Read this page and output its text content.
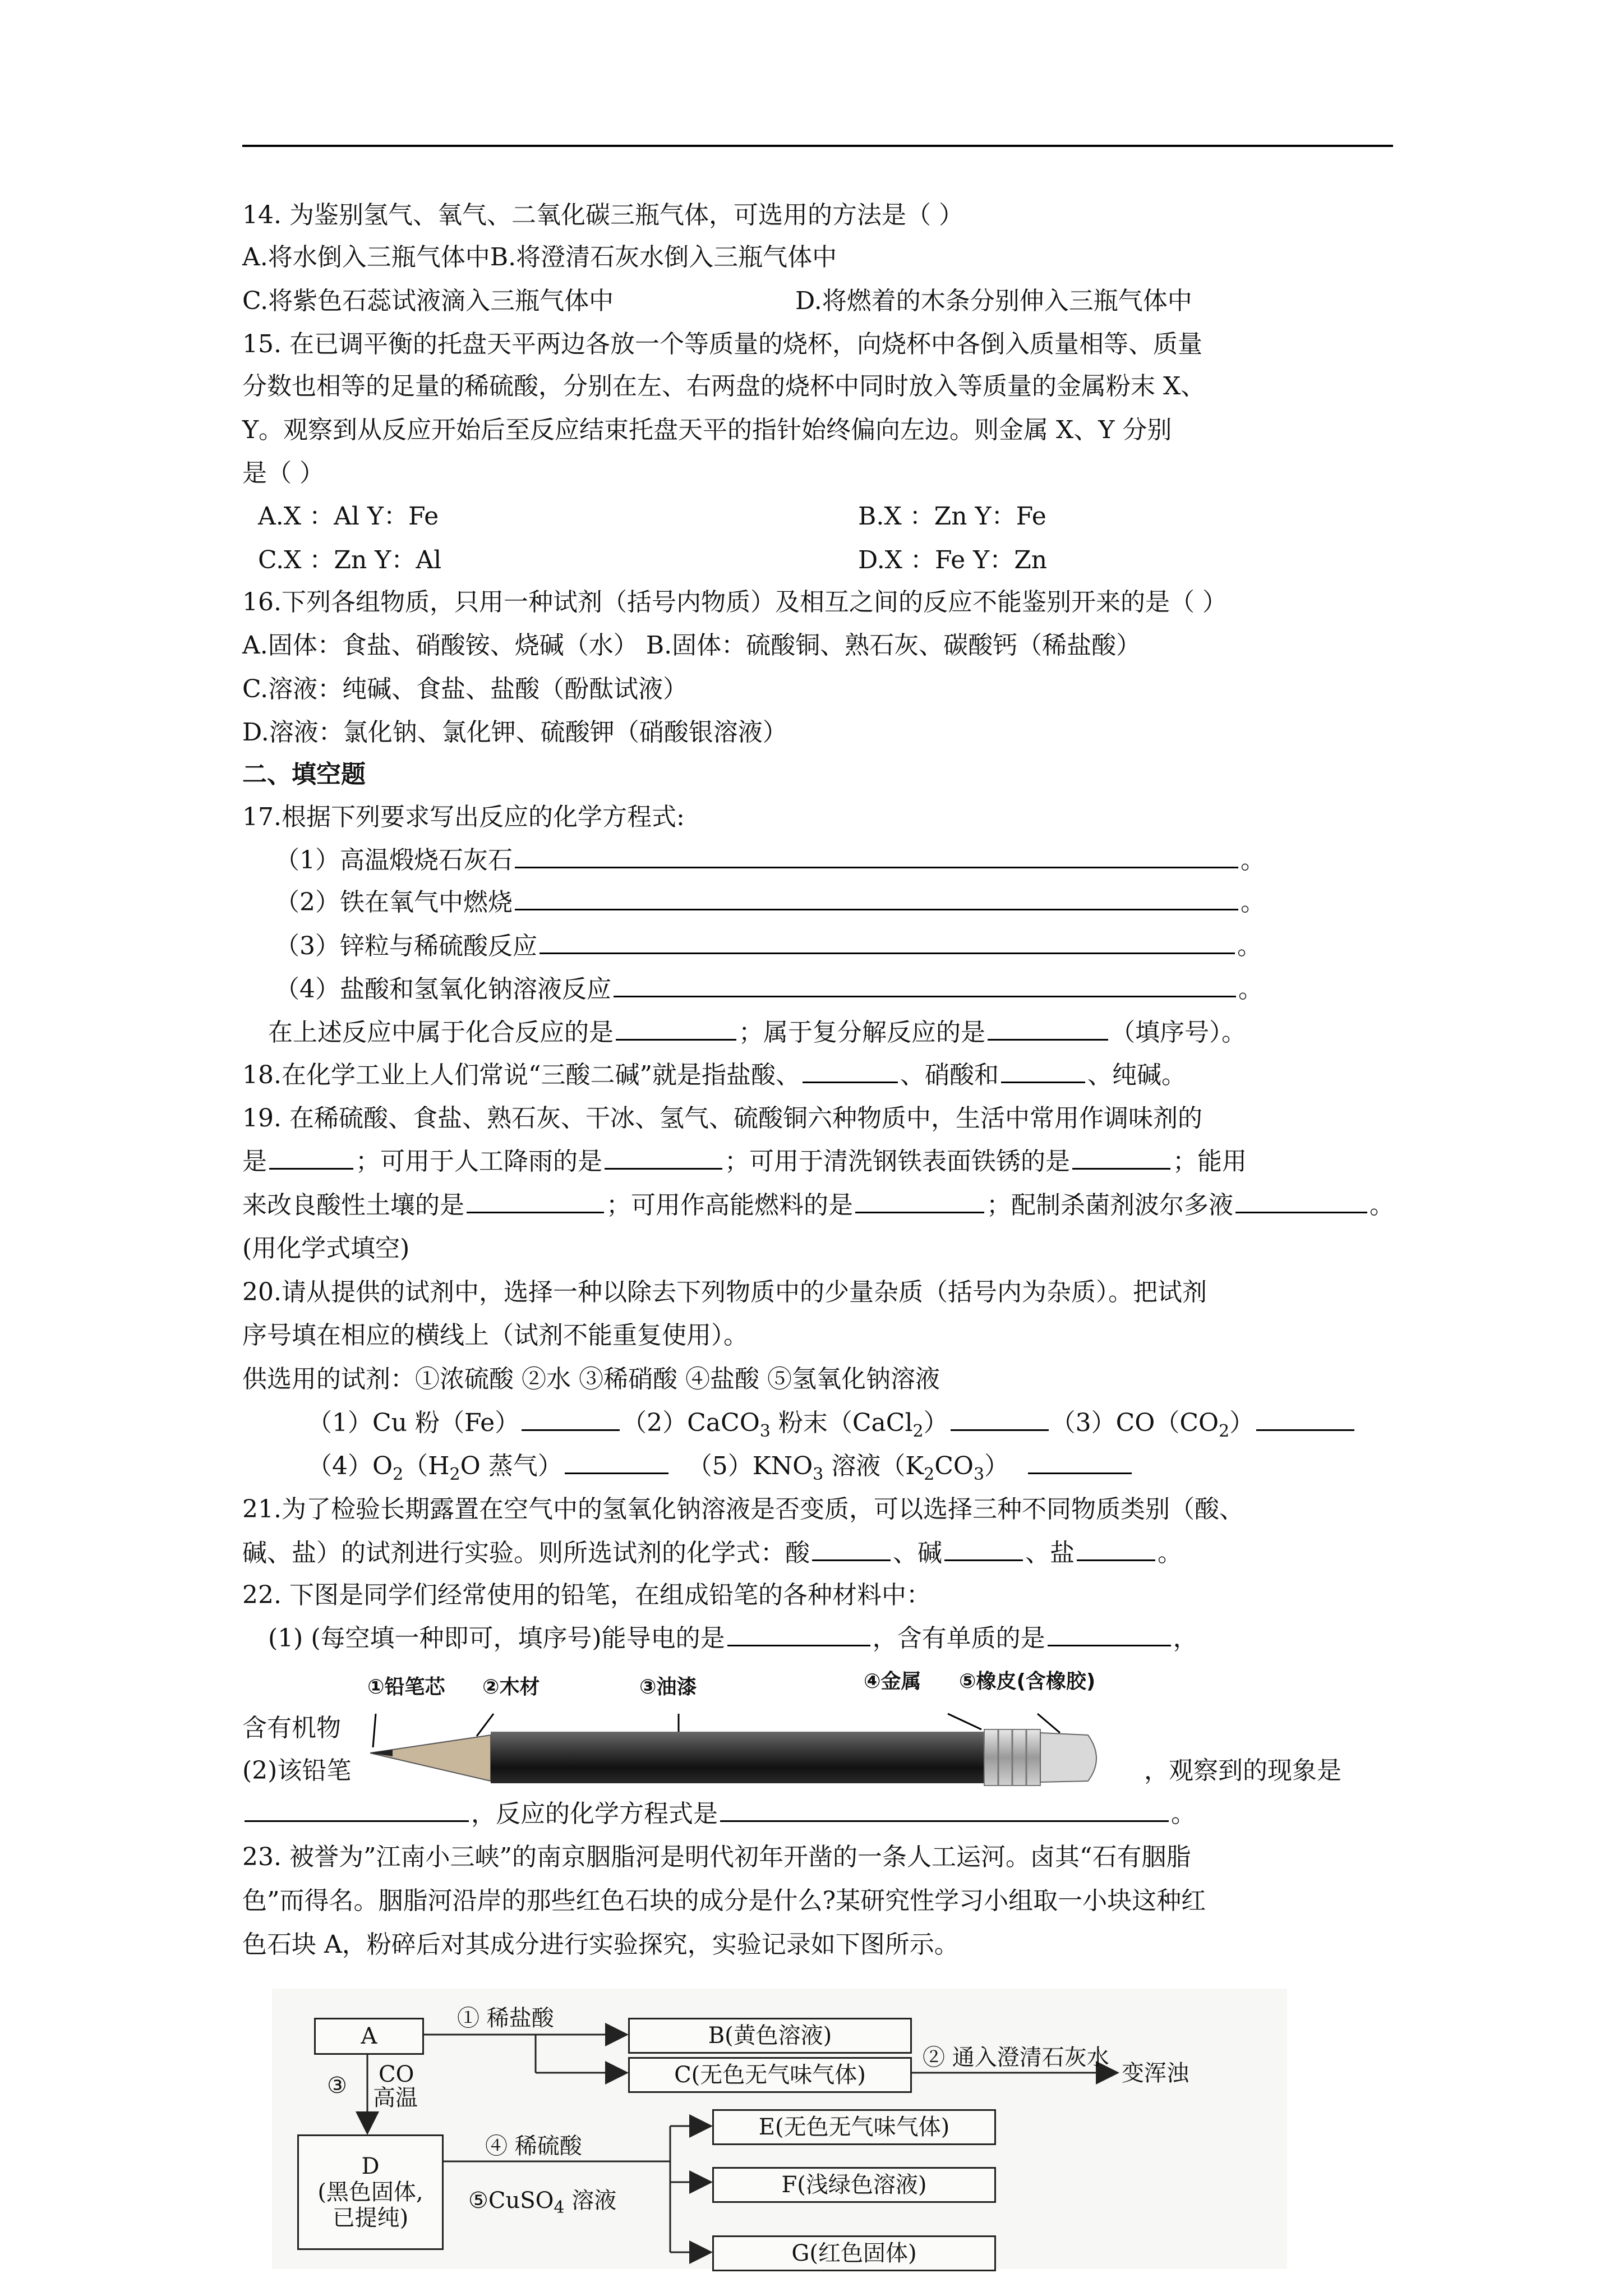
14. 为鉴别氢气、氧气、二氧化碳三瓶气体，可选用的方法是（ ）
A.将水倒入三瓶气体中B.将澄清石灰水倒入三瓶气体中
C.将紫色石蕊试液滴入三瓶气体中	D.将燃着的木条分别伸入三瓶气体中
15. 在已调平衡的托盘天平两边各放一个等质量的烧杯，向烧杯中各倒入质量相等、质量
分数也相等的足量的稀硫酸，分别在左、右两盘的烧杯中同时放入等质量的金属粉末 X、
Y。观察到从反应开始后至反应结束托盘天平的指针始终偏向左边。则金属 X、Y 分别
是（ ）
A.X ：Al Y：Fe	B.X ：Zn Y：Fe
C.X ：Zn Y：Al	D.X ：Fe Y：Zn
16.下列各组物质，只用一种试剂（括号内物质）及相互之间的反应不能鉴别开来的是（ ）
A.固体：食盐、硝酸铵、烧碱（水） B.固体：硫酸铜、熟石灰、碳酸钙（稀盐酸）
C.溶液：纯碱、食盐、盐酸（酚酞试液）
D.溶液：氯化钠、氯化钾、硫酸钾（硝酸银溶液）
二、填空题
17.根据下列要求写出反应的化学方程式:
（1）高温煅烧石灰石	。
（2）铁在氧气中燃烧	。
（3）锌粒与稀硫酸反应	。
（4）盐酸和氢氧化钠溶液反应	。
在上述反应中属于化合反应的是	；属于复分解反应的是	（填序号）。
18.在化学工业上人们常说“三酸二碱”就是指盐酸、	、硝酸和	、纯碱。
19. 在稀硫酸、食盐、熟石灰、干冰、氢气、硫酸铜六种物质中，生活中常用作调味剂的
是	；可用于人工降雨的是	；可用于清洗钢铁表面铁锈的是	；能用
来改良酸性土壤的是	；可用作高能燃料的是	；配制杀菌剂波尔多液	。
(用化学式填空)
20.请从提供的试剂中，选择一种以除去下列物质中的少量杂质（括号内为杂质）。把试剂
序号填在相应的横线上（试剂不能重复使用）。
供选用的试剂：①浓硫酸 ②水 ③稀硝酸 ④盐酸 ⑤氢氧化钠溶液
（1）Cu 粉（Fe）	（2）CaCO$_3$ 粉末（CaCl$_2$）	$(3)CO(CO_2)$
$(4)O_2(H_2O$ 蒸气）	$(5)KNO_3$ 溶液$(K_2CO_3)$
21.为了检验长期露置在空气中的氢氧化钠溶液是否变质，可以选择三种不同物质类别（酸、
碱、盐）的试剂进行实验。则所选试剂的化学式：酸	、碱	、盐	。
22. 下图是同学们经常使用的铅笔，在组成铅笔的各种材料中：
(1) (每空填一种即可，填序号)能导电的是	，含有单质的是	，
含有机物
(2)该铅笔	，观察到的现象是
，反应的化学方程式是	。
①铅笔芯 ②木材	③油漆	④金属 ⑤橡皮(含橡胶)
23. 被誉为”江南小三峡”的南京胭脂河是明代初年开凿的一条人工运河。卤其“石有胭脂
色”而得名。胭脂河沿岸的那些红色石块的成分是什么?某研究性学习小组取一小块这种红
色石块 A，粉碎后对其成分进行实验探究，实验记录如下图所示。
A	B(黄色溶液)
C(无色无气味气体)
D
(黑色固体,
已提纯)
E(无色无气味气体)
F(浅绿色溶液)
G(红色固体)
① 稀盐酸
② 通入澄清石灰水
变浑浊
③ CO
高温
④ 稀硫酸
⑤CuSO$_4$ 溶液
